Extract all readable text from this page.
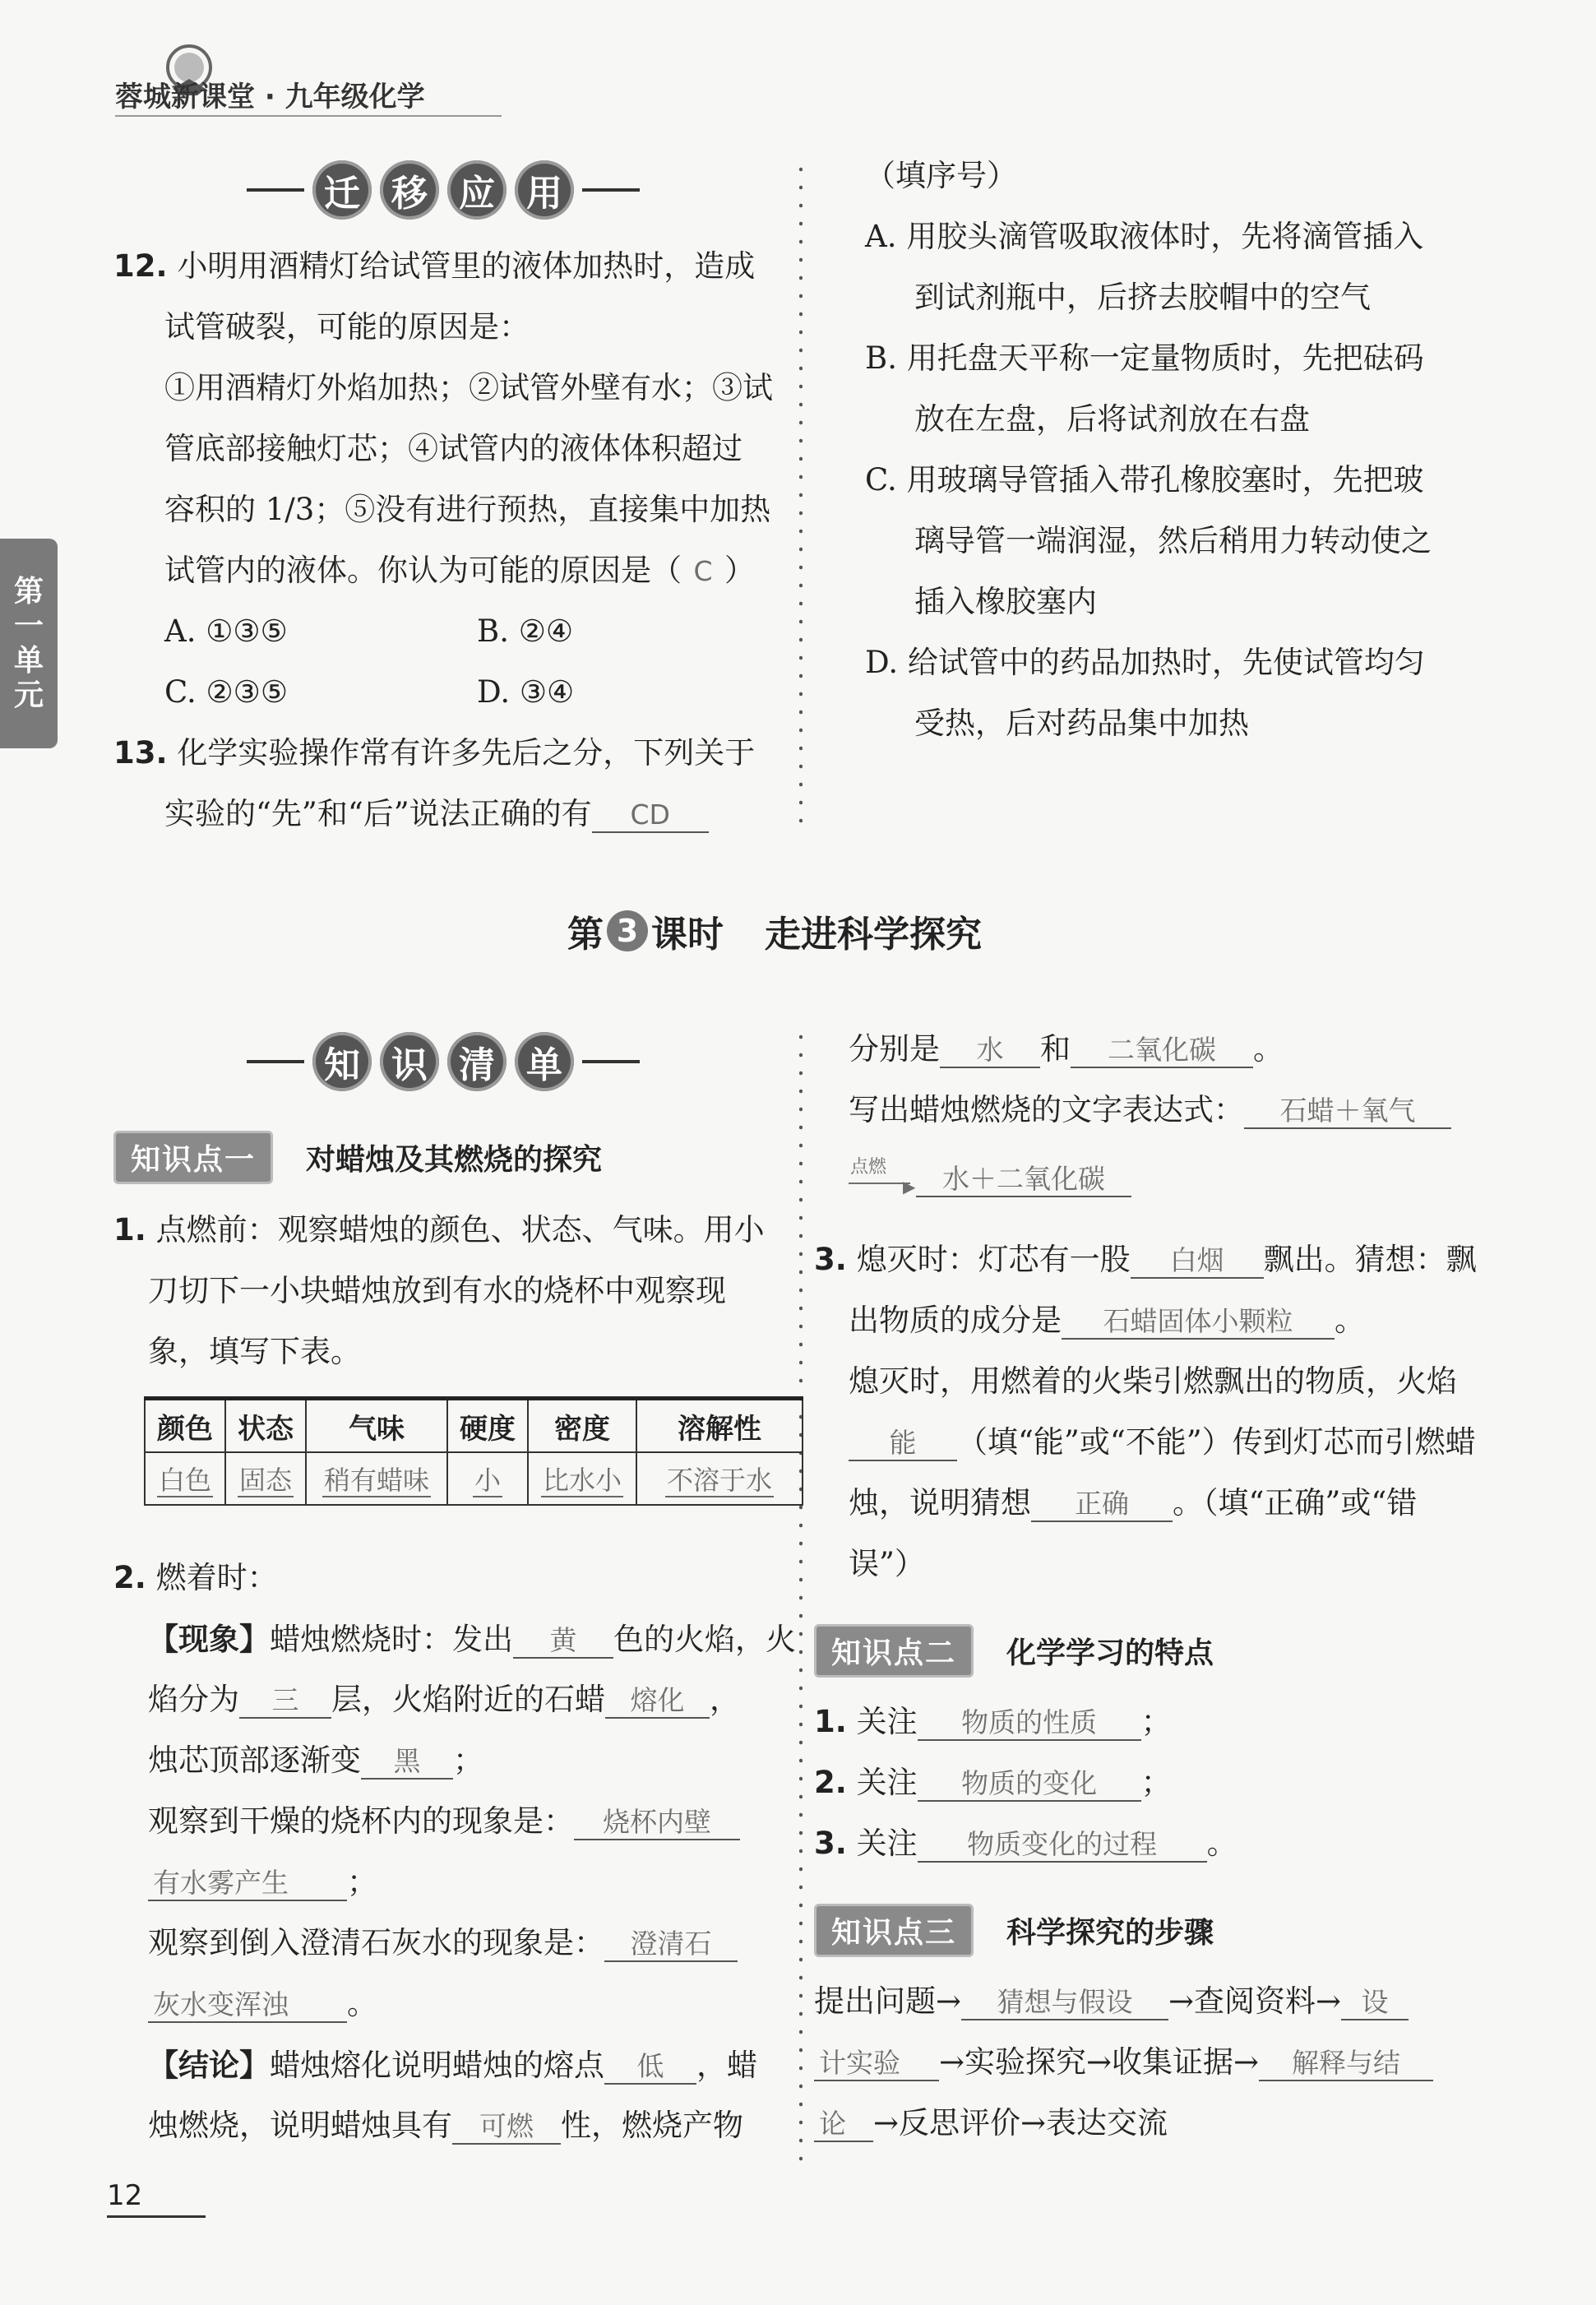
蓉城新课堂 · 九年级化学
第
一
单
元
迁 移 应 用
12. 小明用酒精灯给试管里的液体加热时，造成
试管破裂，可能的原因是：
①用酒精灯外焰加热；②试管外壁有水；③试
管底部接触灯芯；④试管内的液体体积超过
容积的 1/3；⑤没有进行预热，直接集中加热
试管内的液体。你认为可能的原因是（ C ）
A. ①③⑤	B. ②④
C. ②③⑤	D. ③④
13. 化学实验操作常有许多先后之分，下列关于
实验的“先”和“后”说法正确的有 CD
（填序号）
A. 用胶头滴管吸取液体时，先将滴管插入
到试剂瓶中，后挤去胶帽中的空气
B. 用托盘天平称一定量物质时，先把砝码
放在左盘，后将试剂放在右盘
C. 用玻璃导管插入带孔橡胶塞时，先把玻
璃导管一端润湿，然后稍用力转动使之
插入橡胶塞内
D. 给试管中的药品加热时，先使试管均匀
受热，后对药品集中加热
第 3 课时 走进科学探究
知 识 清 单
知识点一	对蜡烛及其燃烧的探究
1. 点燃前：观察蜡烛的颜色、状态、气味。用小
刀切下一小块蜡烛放到有水的烧杯中观察现
象，填写下表。
颜色	状态	气味	硬度	密度	溶解性
白色	固态	稍有蜡味	小	比水小	不溶于水
2. 燃着时：
【现象】蜡烛燃烧时：发出 黄 色的火焰，火
焰分为 三 层，火焰附近的石蜡 熔化 ，
烛芯顶部逐渐变 黑 ；
观察到干燥的烧杯内的现象是： 烧杯内壁
有水雾产生 ；
观察到倒入澄清石灰水的现象是： 澄清石
灰水变浑浊 。
【结论】蜡烛熔化说明蜡烛的熔点 低 ，蜡
烛燃烧，说明蜡烛具有 可燃 性，燃烧产物
分别是 水 和 二氧化碳 。
写出蜡烛燃烧的文字表达式： 石蜡＋氧气
点燃
▶ 水＋二氧化碳
3. 熄灭时：灯芯有一股 白烟 飘出。猜想：飘
出物质的成分是 石蜡固体小颗粒 。
熄灭时，用燃着的火柴引燃飘出的物质，火焰
能 （填“能”或“不能”）传到灯芯而引燃蜡
烛，说明猜想 正确 。（填“正确”或“错
误”）
知识点二	化学学习的特点
1. 关注 物质的性质 ；
2. 关注 物质的变化 ；
3. 关注 物质变化的过程 。
知识点三	科学探究的步骤
提出问题→ 猜想与假设 →查阅资料→ 设
计实验 →实验探究→收集证据→ 解释与结
论 →反思评价→表达交流
12
